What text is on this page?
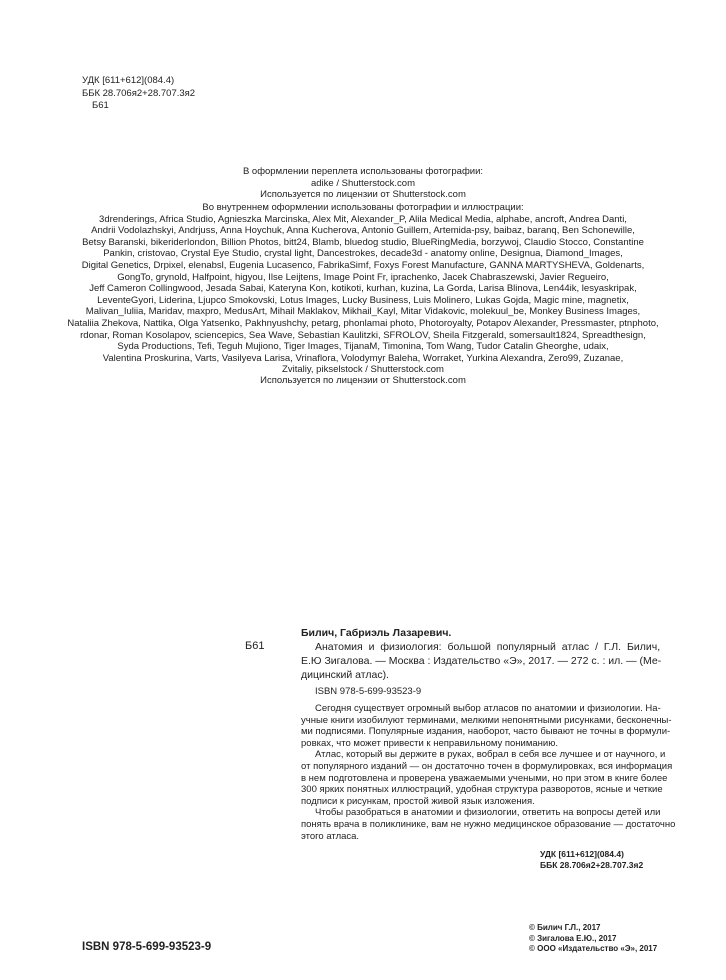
УДК [611+612](084.4)
ББК 28.706я2+28.707.3я2
Б61
В оформлении переплета использованы фотографии:
adike / Shutterstock.com
Используется по лицензии от Shutterstock.com
Во внутреннем оформлении использованы фотографии и иллюстрации:
3drenderings, Africa Studio, Agnieszka Marcinska, Alex Mit, Alexander_P, Alila Medical Media, alphabe, ancroft, Andrea Danti,
Andrii Vodolazhskyi, Andrjuss, Anna Hoychuk, Anna Kucherova, Antonio Guillem, Artemida-psy, baibaz, baranq, Ben Schonewille,
Betsy Baranski, bikeriderlondon, Billion Photos, bitt24, Blamb, bluedog studio, BlueRingMedia, borzywoj, Claudio Stocco, Constantine
Pankin, cristovao, Crystal Eye Studio, crystal light, Dancestrokes, decade3d - anatomy online, Designua, Diamond_Images,
Digital Genetics, Drpixel, elenabsl, Eugenia Lucasenco, FabrikaSimf, Foxys Forest Manufacture, GANNA MARTYSHEVA, Goldenarts,
GongTo, grynold, Halfpoint, higyou, Ilse Leijtens, Image Point Fr, iprachenko, Jacek Chabraszewski, Javier Regueiro,
Jeff Cameron Collingwood, Jesada Sabai, Kateryna Kon, kotikoti, kurhan, kuzina, La Gorda, Larisa Blinova, Len44ik, lesyaskripak,
LeventeGyori, Liderina, Ljupco Smokovski, Lotus Images, Lucky Business, Luis Molinero, Lukas Gojda, Magic mine, magnetix,
Malivan_Iuliia, Maridav, maxpro, MedusArt, Mihail Maklakov, Mikhail_Kayl, Mitar Vidakovic, molekuul_be, Monkey Business Images,
Nataliia Zhekova, Nattika, Olga Yatsenko, Pakhnyushchy, petarg, phonlamai photo, Photoroyalty, Potapov Alexander, Pressmaster, ptnphoto,
rdonar, Roman Kosolapov, sciencepics, Sea Wave, Sebastian Kaulitzki, SFROLOV, Sheila Fitzgerald, somersault1824, Spreadthesign,
Syda Productions, Tefi, Teguh Mujiono, Tiger Images, TijanaM, Timonina, Tom Wang, Tudor Catalin Gheorghe, udaix,
Valentina Proskurina, Varts, Vasilyeva Larisa, Vrinaflora, Volodymyr Baleha, Worraket, Yurkina Alexandra, Zero99, Zuzanae,
Zvitaliy, pikselstock / Shutterstock.com
Используется по лицензии от Shutterstock.com
Б61
Билич, Габриэль Лазаревич.
Анатомия и физиология: большой популярный атлас / Г.Л. Билич,
Е.Ю Зигалова. — Москва : Издательство «Э», 2017. — 272 с. : ил. — (Ме-
дицинский атлас).
ISBN 978-5-699-93523-9
Сегодня существует огромный выбор атласов по анатомии и физиологии. На-
учные книги изобилуют терминами, мелкими непонятными рисунками, бесконечны-
ми подписями. Популярные издания, наоборот, часто бывают не точны в формули-
ровках, что может привести к неправильному пониманию.
Атлас, который вы держите в руках, вобрал в себя все лучшее и от научного, и
от популярного изданий — он достаточно точен в формулировках, вся информация
в нем подготовлена и проверена уважаемыми учеными, но при этом в книге более
300 ярких понятных иллюстраций, удобная структура разворотов, ясные и четкие
подписи к рисункам, простой живой язык изложения.
Чтобы разобраться в анатомии и физиологии, ответить на вопросы детей или
понять врача в поликлинике, вам не нужно медицинское образование — достаточно
этого атласа.
УДК [611+612](084.4)
ББК 28.706я2+28.707.3я2
ISBN 978-5-699-93523-9
© Билич Г.Л., 2017
© Зигалова Е.Ю., 2017
© ООО «Издательство «Э», 2017
